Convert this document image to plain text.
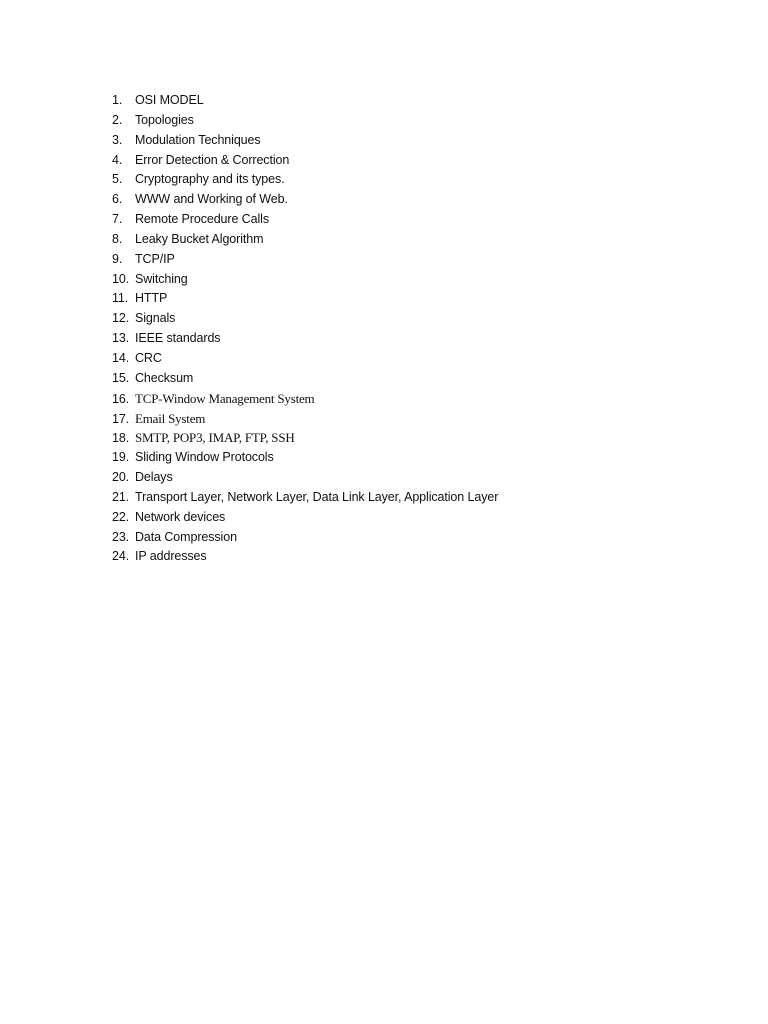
1.	OSI MODEL
2.	Topologies
3.	Modulation Techniques
4.	Error Detection & Correction
5.	Cryptography and its types.
6.	WWW and Working of Web.
7.	Remote Procedure Calls
8.	Leaky Bucket Algorithm
9.	TCP/IP
10. Switching
11. HTTP
12. Signals
13. IEEE standards
14. CRC
15. Checksum
16. TCP-Window Management System
17. Email System
18. SMTP, POP3, IMAP, FTP, SSH
19. Sliding Window Protocols
20. Delays
21. Transport Layer, Network Layer, Data Link Layer, Application Layer
22. Network devices
23. Data Compression
24. IP addresses
